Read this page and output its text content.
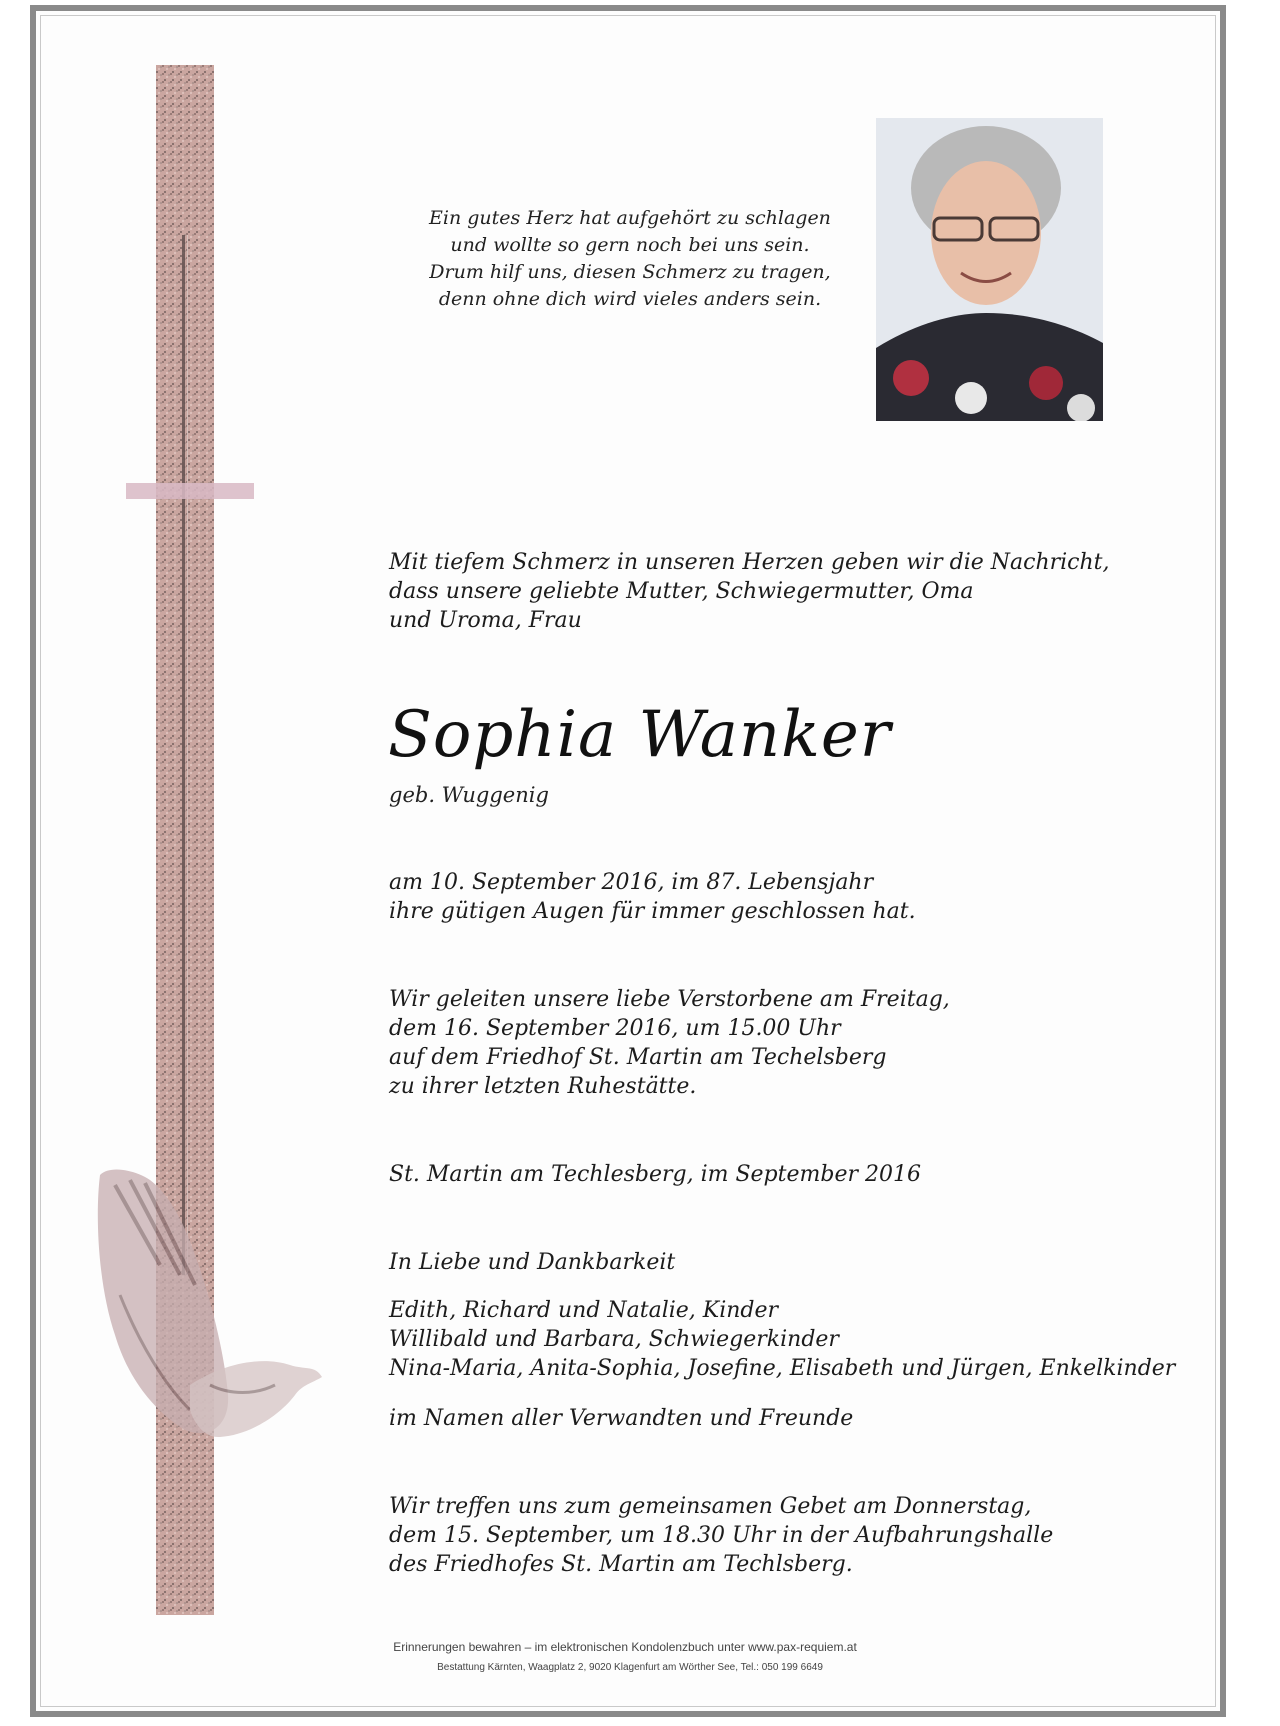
Ein gutes Herz hat aufgehört zu schlagen
und wollte so gern noch bei uns sein.
Drum hilf uns, diesen Schmerz zu tragen,
denn ohne dich wird vieles anders sein.
Mit tiefem Schmerz in unseren Herzen geben wir die Nachricht,
dass unsere geliebte Mutter, Schwiegermutter, Oma
und Uroma, Frau
Sophia Wanker
geb. Wuggenig
am 10. September 2016, im 87. Lebensjahr
ihre gütigen Augen für immer geschlossen hat.
Wir geleiten unsere liebe Verstorbene am Freitag,
dem 16. September 2016, um 15.00 Uhr
auf dem Friedhof St. Martin am Techelsberg
zu ihrer letzten Ruhestätte.
St. Martin am Techlesberg, im September 2016
In Liebe und Dankbarkeit
Edith, Richard und Natalie, Kinder
Willibald und Barbara, Schwiegerkinder
Nina-Maria, Anita-Sophia, Josefine, Elisabeth und Jürgen, Enkelkinder
im Namen aller Verwandten und Freunde
Wir treffen uns zum gemeinsamen Gebet am Donnerstag,
dem 15. September, um 18.30 Uhr in der Aufbahrungshalle
des Friedhofes St. Martin am Techlsberg.
Erinnerungen bewahren – im elektronischen Kondolenzbuch unter www.pax-requiem.at
Bestattung Kärnten, Waagplatz 2, 9020 Klagenfurt am Wörther See, Tel.: 050 199 6649
